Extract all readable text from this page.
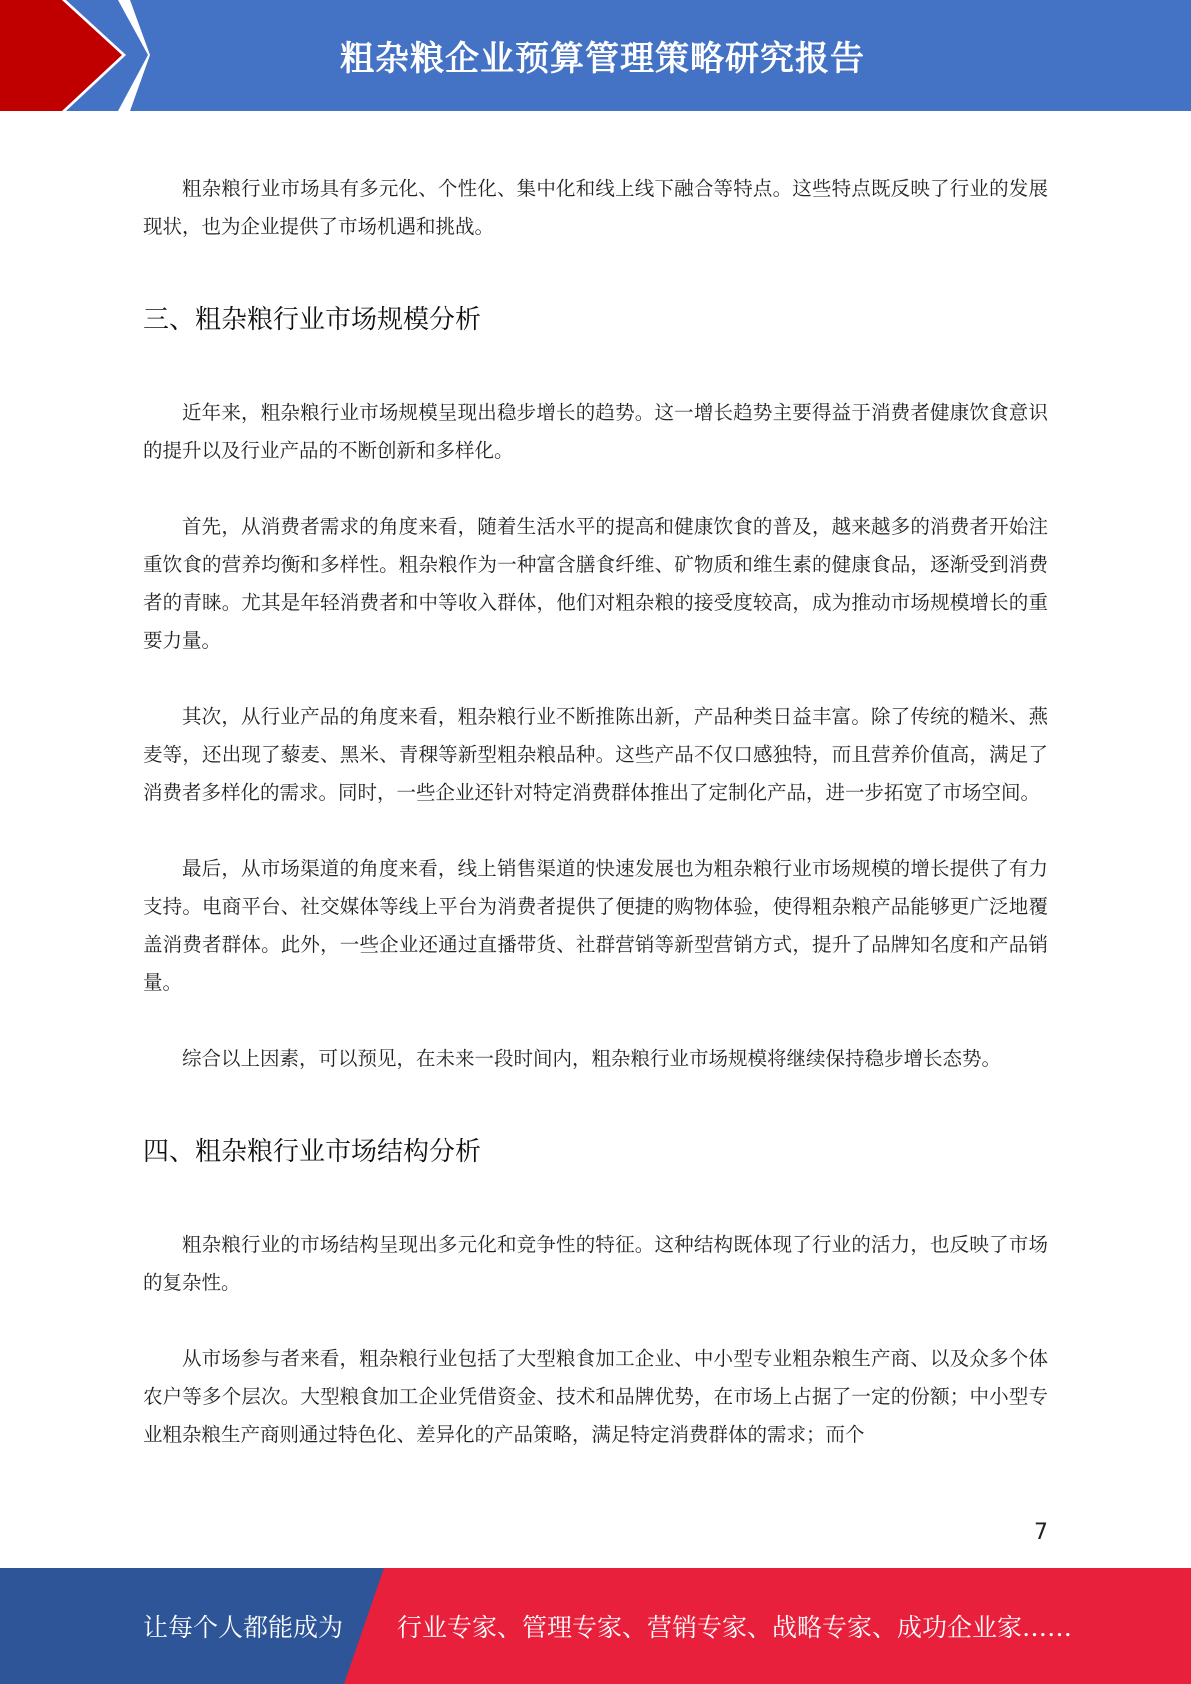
粗杂粮企业预算管理策略研究报告

粗杂粮行业市场具有多元化、个性化、集中化和线上线下融合等特点。这些特点既反映了行业的发展现状，也为企业提供了市场机遇和挑战。

三、粗杂粮行业市场规模分析

近年来，粗杂粮行业市场规模呈现出稳步增长的趋势。这一增长趋势主要得益于消费者健康饮食意识的提升以及行业产品的不断创新和多样化。

首先，从消费者需求的角度来看，随着生活水平的提高和健康饮食的普及，越来越多的消费者开始注重饮食的营养均衡和多样性。粗杂粮作为一种富含膳食纤维、矿物质和维生素的健康食品，逐渐受到消费者的青睐。尤其是年轻消费者和中等收入群体，他们对粗杂粮的接受度较高，成为推动市场规模增长的重要力量。

其次，从行业产品的角度来看，粗杂粮行业不断推陈出新，产品种类日益丰富。除了传统的糙米、燕麦等，还出现了藜麦、黑米、青稞等新型粗杂粮品种。这些产品不仅口感独特，而且营养价值高，满足了消费者多样化的需求。同时，一些企业还针对特定消费群体推出了定制化产品，进一步拓宽了市场空间。

最后，从市场渠道的角度来看，线上销售渠道的快速发展也为粗杂粮行业市场规模的增长提供了有力支持。电商平台、社交媒体等线上平台为消费者提供了便捷的购物体验，使得粗杂粮产品能够更广泛地覆盖消费者群体。此外，一些企业还通过直播带货、社群营销等新型营销方式，提升了品牌知名度和产品销量。

综合以上因素，可以预见，在未来一段时间内，粗杂粮行业市场规模将继续保持稳步增长态势。

四、粗杂粮行业市场结构分析

粗杂粮行业的市场结构呈现出多元化和竞争性的特征。这种结构既体现了行业的活力，也反映了市场的复杂性。

从市场参与者来看，粗杂粮行业包括了大型粮食加工企业、中小型专业粗杂粮生产商、以及众多个体农户等多个层次。大型粮食加工企业凭借资金、技术和品牌优势，在市场上占据了一定的份额；中小型专业粗杂粮生产商则通过特色化、差异化的产品策略，满足特定消费群体的需求；而个

7
让每个人都能成为 行业专家、管理专家、营销专家、战略专家、成功企业家……
